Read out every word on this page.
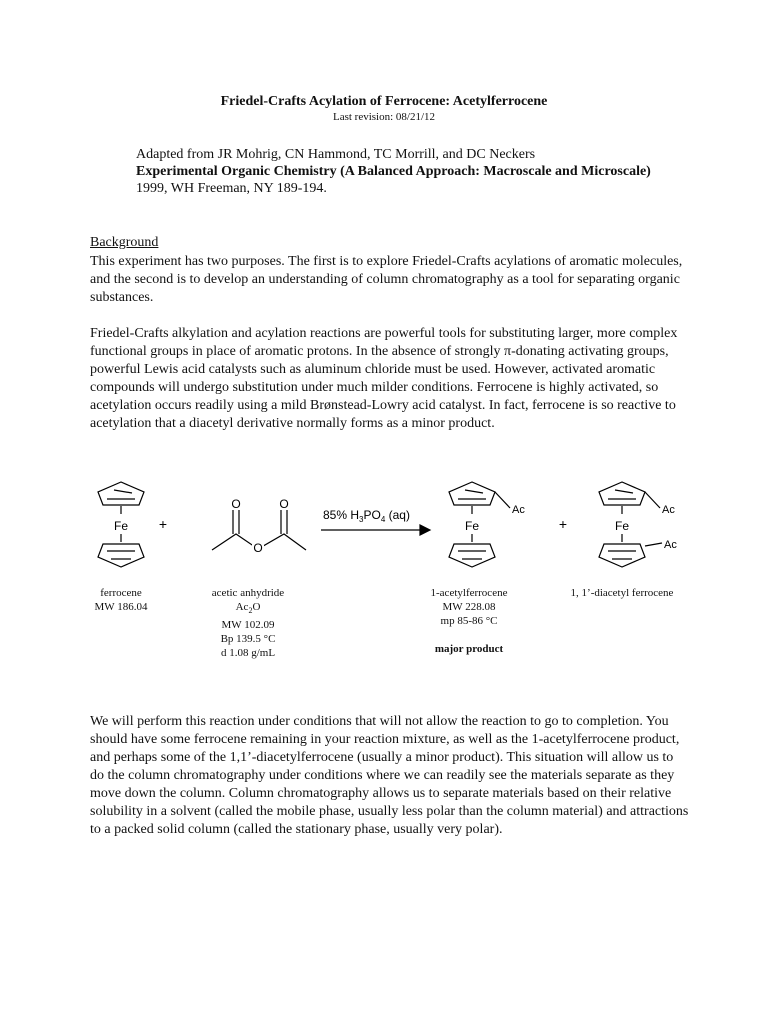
Friedel-Crafts Acylation of Ferrocene: Acetylferrocene
Last revision: 08/21/12
Adapted from JR Mohrig, CN Hammond, TC Morrill, and DC Neckers
Experimental Organic Chemistry (A Balanced Approach: Macroscale and Microscale) 1999, WH Freeman, NY 189-194.
Background
This experiment has two purposes. The first is to explore Friedel-Crafts acylations of aromatic molecules, and the second is to develop an understanding of column chromatography as a tool for separating organic substances.
Friedel-Crafts alkylation and acylation reactions are powerful tools for substituting larger, more complex functional groups in place of aromatic protons. In the absence of strongly π-donating activating groups, powerful Lewis acid catalysts such as aluminum chloride must be used. However, activated aromatic compounds will undergo substitution under much milder conditions. Ferrocene is highly activated, so acetylation occurs readily using a mild Brønstead-Lowry acid catalyst. In fact, ferrocene is so reactive to acetylation that a diacetyl derivative normally forms as a minor product.
Fe +
O	O
O
85% $H_3PO_4$ (aq)	Ac
Fe	+
Ac
Fe
Ac
ferrocene
MW 186.04
acetic anhydride
$Ac_2O$
MW 102.09
Bp 139.5 °C
d 1.08 g/mL
1-acetylferrocene
MW 228.08
mp 85-86 °C
major product
1, 1’-diacetyl ferrocene
We will perform this reaction under conditions that will not allow the reaction to go to completion. You should have some ferrocene remaining in your reaction mixture, as well as the 1-acetylferrocene product, and perhaps some of the 1,1’-diacetylferrocene (usually a minor product). This situation will allow us to do the column chromatography under conditions where we can readily see the materials separate as they move down the column. Column chromatography allows us to separate materials based on their relative solubility in a solvent (called the mobile phase, usually less polar than the column material) and attractions to a packed solid column (called the stationary phase, usually very polar).
